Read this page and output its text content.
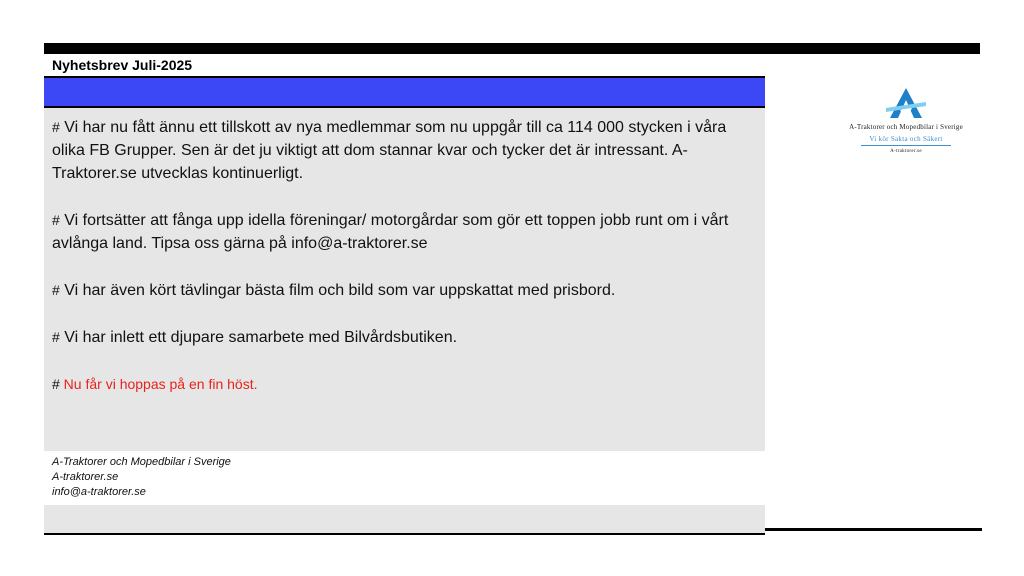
Nyhetsbrev Juli-2025

# Vi har nu fått ännu ett tillskott av nya medlemmar som nu uppgår till ca 114 000 stycken i våra olika FB Grupper. Sen är det ju viktigt att dom stannar kvar och tycker det är intressant. A-Traktorer.se utvecklas kontinuerligt.

# Vi fortsätter att fånga upp idella föreningar/ motorgårdar som gör ett toppen jobb runt om i vårt avlånga land. Tipsa oss gärna på info@a-traktorer.se

# Vi har även kört tävlingar bästa film och bild som var uppskattat med prisbord.

# Vi har inlett ett djupare samarbete med Bilvårdsbutiken.

# Nu får vi hoppas på en fin höst.

A-Traktorer och Mopedbilar i Sverige
A-traktorer.se
info@a-traktorer.se
A-Traktorer och Mopedbilar i Sverige
Vi kör Sakta och Säkert
A-traktorer.se
